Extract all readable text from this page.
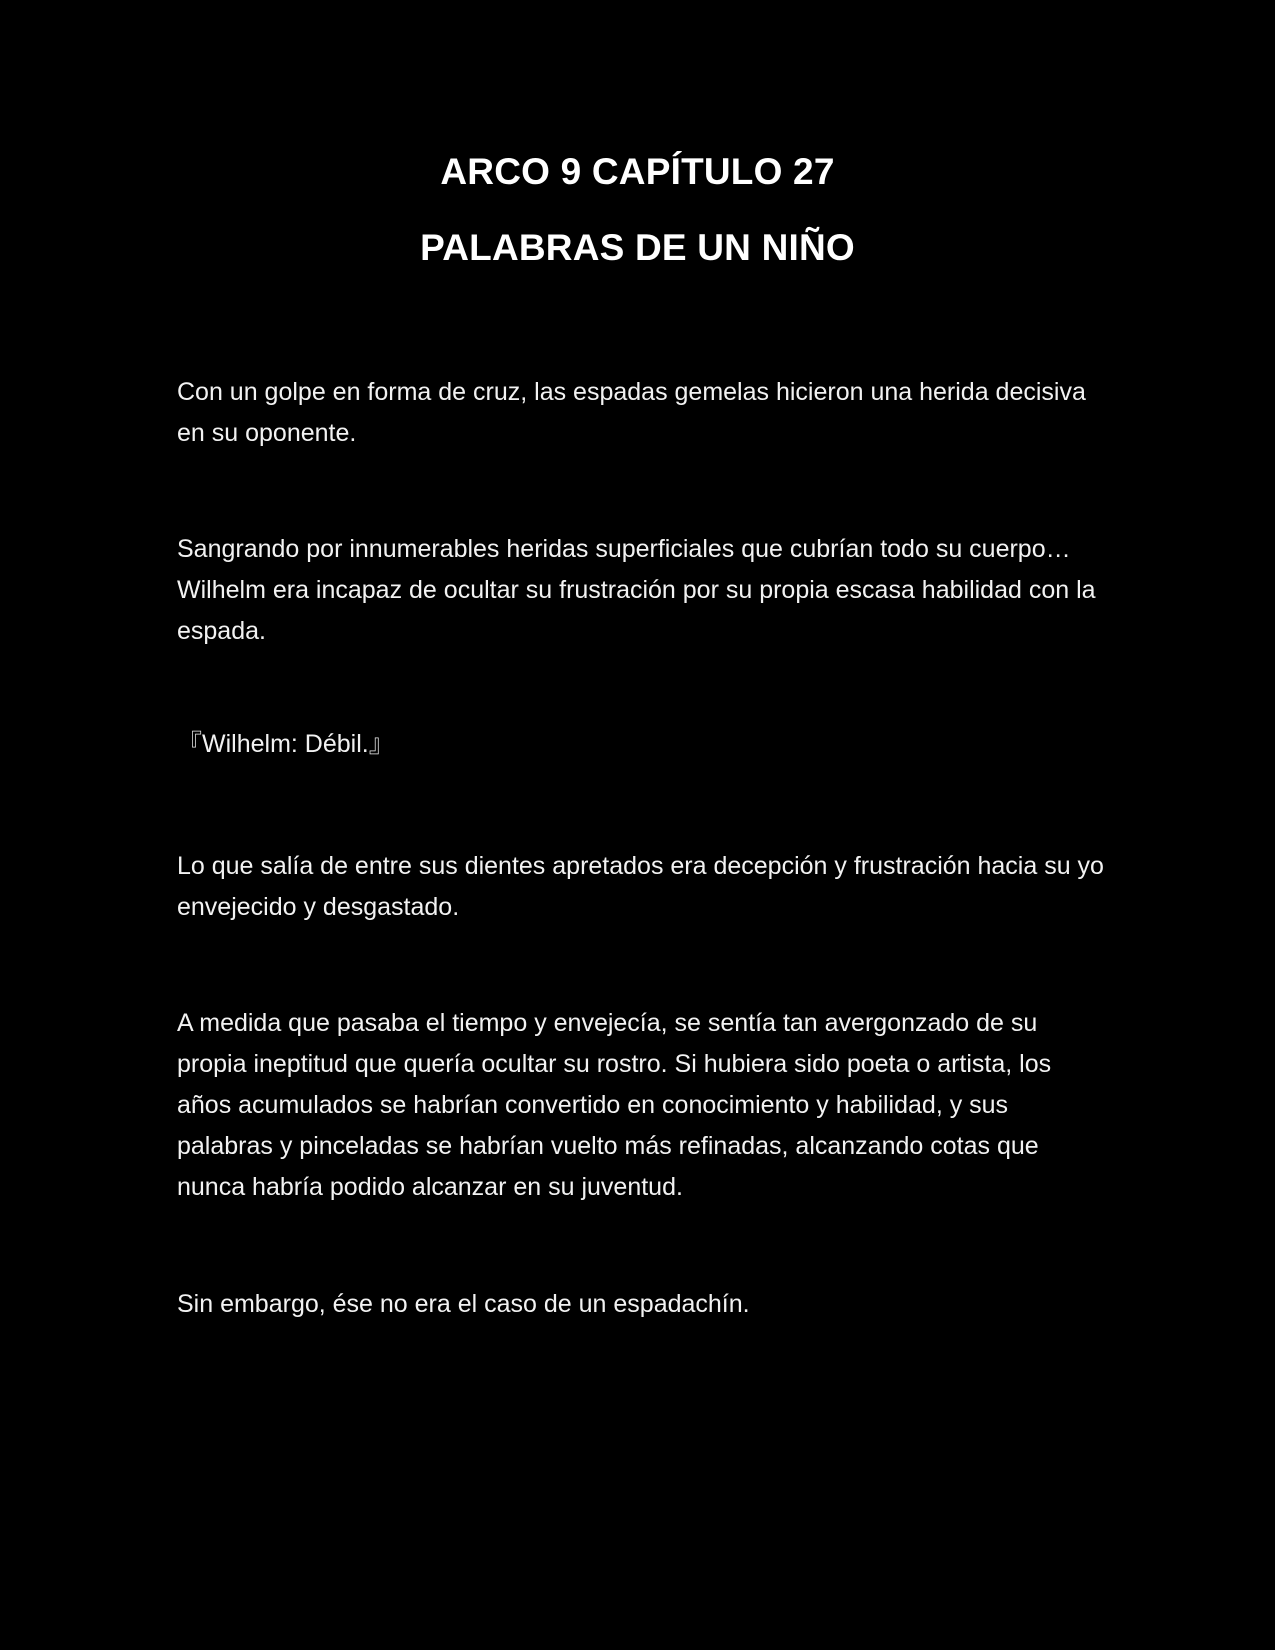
ARCO 9 CAPÍTULO 27
PALABRAS DE UN NIÑO

Con un golpe en forma de cruz, las espadas gemelas hicieron una herida decisiva en su oponente.

Sangrando por innumerables heridas superficiales que cubrían todo su cuerpo… Wilhelm era incapaz de ocultar su frustración por su propia escasa habilidad con la espada.

『Wilhelm: Débil.』

Lo que salía de entre sus dientes apretados era decepción y frustración hacia su yo envejecido y desgastado.

A medida que pasaba el tiempo y envejecía, se sentía tan avergonzado de su propia ineptitud que quería ocultar su rostro. Si hubiera sido poeta o artista, los años acumulados se habrían convertido en conocimiento y habilidad, y sus palabras y pinceladas se habrían vuelto más refinadas, alcanzando cotas que nunca habría podido alcanzar en su juventud.

Sin embargo, ése no era el caso de un espadachín.
